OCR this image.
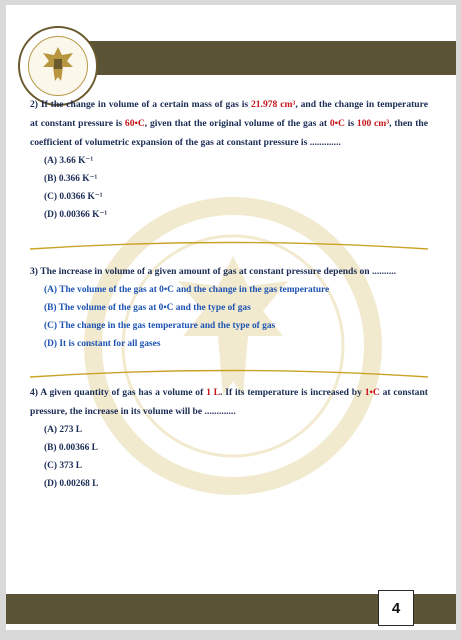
2) If the change in volume of a certain mass of gas is 21.978 cm³, and the change in temperature at constant pressure is 60•C, given that the original volume of the gas at 0•C is 100 cm³, then the coefficient of volumetric expansion of the gas at constant pressure is .............
(A) 3.66 K⁻¹
(B) 0.366 K⁻¹
(C) 0.0366 K⁻¹
(D) 0.00366 K⁻¹
3) The increase in volume of a given amount of gas at constant pressure depends on ..........
(A) The volume of the gas at 0•C and the change in the gas temperature
(B) The volume of the gas at 0•C and the type of gas
(C) The change in the gas temperature and the type of gas
(D) It is constant for all gases
4) A given quantity of gas has a volume of 1 L. If its temperature is increased by 1•C at constant pressure, the increase in its volume will be .............
(A) 273 L
(B) 0.00366 L
(C) 373 L
(D) 0.00268 L
4
